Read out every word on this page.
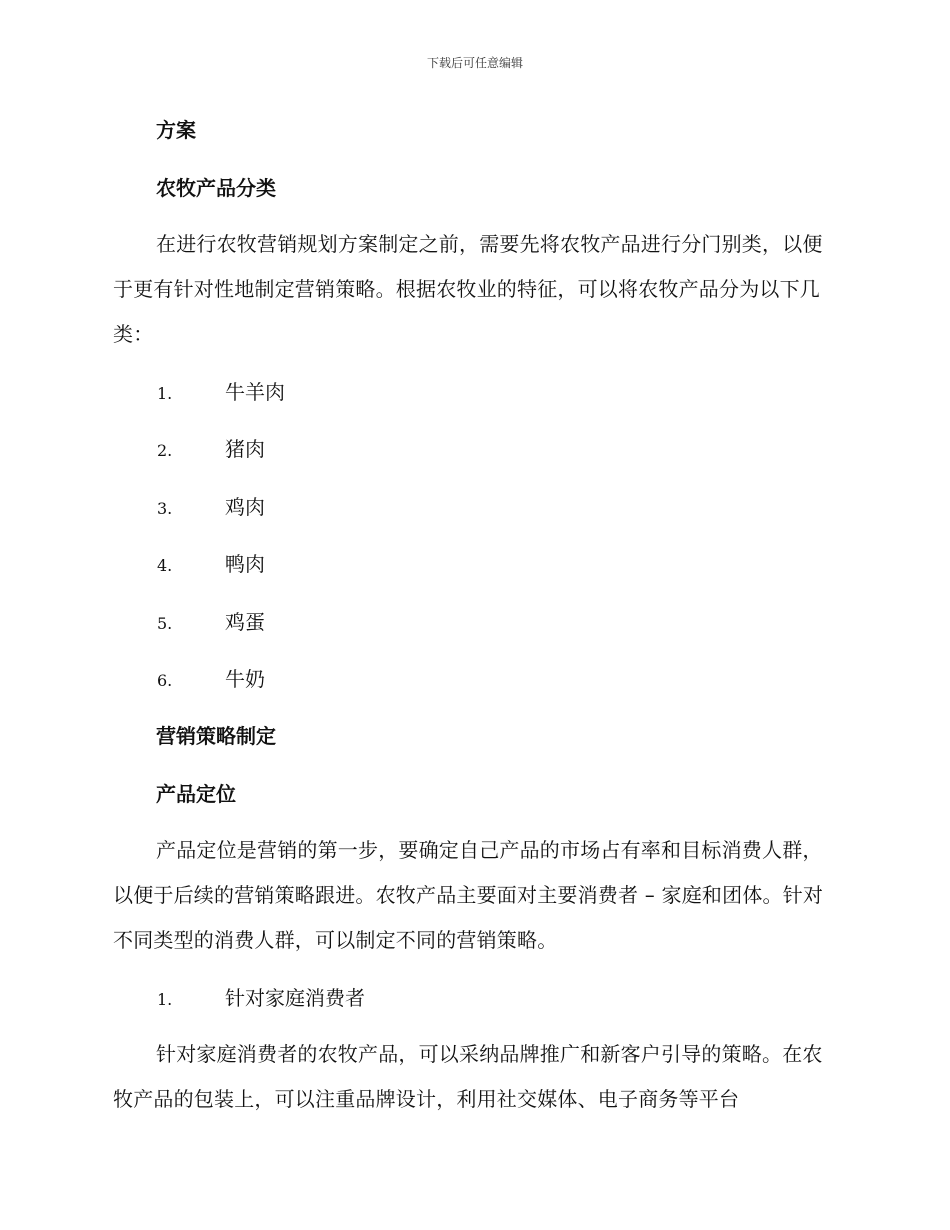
下载后可任意编辑
方案
农牧产品分类
在进行农牧营销规划方案制定之前，需要先将农牧产品进行分门别类，以便于更有针对性地制定营销策略。根据农牧业的特征，可以将农牧产品分为以下几类：
1.	牛羊肉
2.	猪肉
3.	鸡肉
4.	鸭肉
5.	鸡蛋
6.	牛奶
营销策略制定
产品定位
产品定位是营销的第一步，要确定自己产品的市场占有率和目标消费人群，以便于后续的营销策略跟进。农牧产品主要面对主要消费者 – 家庭和团体。针对不同类型的消费人群，可以制定不同的营销策略。
1.	针对家庭消费者
针对家庭消费者的农牧产品，可以采纳品牌推广和新客户引导的策略。在农牧产品的包装上，可以注重品牌设计，利用社交媒体、电子商务等平台
